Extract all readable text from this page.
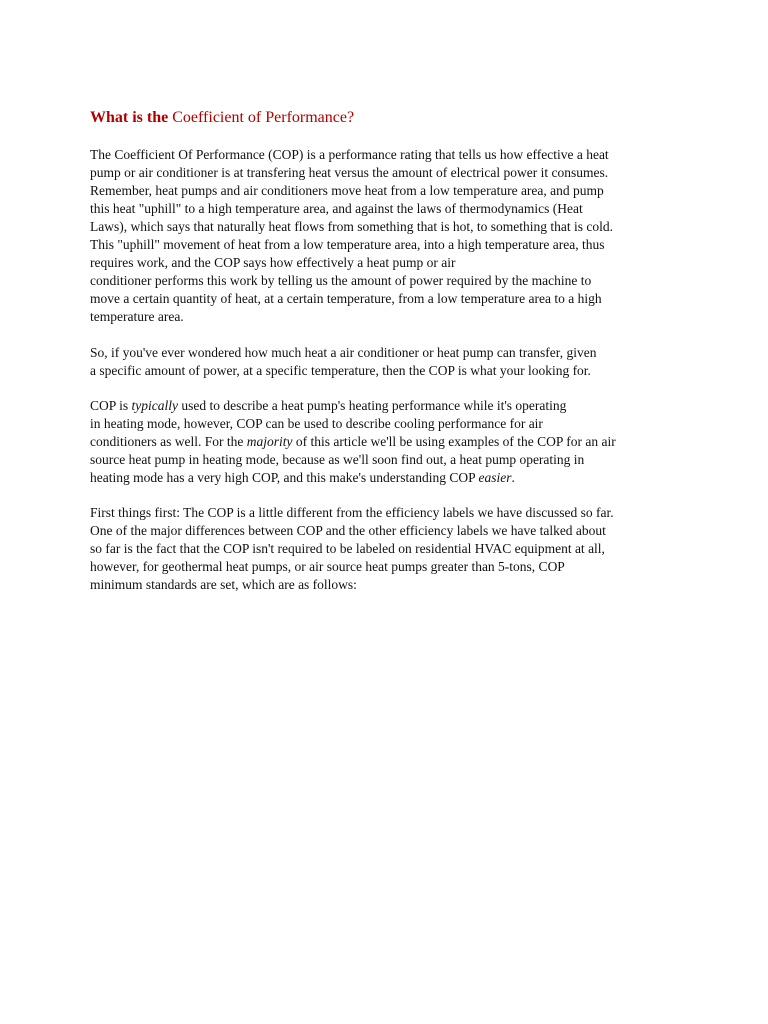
What is the Coefficient of Performance?

The Coefficient Of Performance (COP) is a performance rating that tells us how effective a heat
pump or air conditioner is at transfering heat versus the amount of electrical power it consumes.
Remember, heat pumps and air conditioners move heat from a low temperature area, and pump
this heat "uphill" to a high temperature area, and against the laws of thermodynamics (Heat
Laws), which says that naturally heat flows from something that is hot, to something that is cold.
This "uphill" movement of heat from a low temperature area, into a high temperature area, thus
requires work, and the COP says how effectively a heat pump or air
conditioner performs this work by telling us the amount of power required by the machine to
move a certain quantity of heat, at a certain temperature, from a low temperature area to a high
temperature area.

So, if you've ever wondered how much heat a air conditioner or heat pump can transfer, given
a specific amount of power, at a specific temperature, then the COP is what your looking for.

COP is typically used to describe a heat pump's heating performance while it's operating
in heating mode, however, COP can be used to describe cooling performance for air
conditioners as well. For the majority of this article we'll be using examples of the COP for an air
source heat pump in heating mode, because as we'll soon find out, a heat pump operating in
heating mode has a very high COP, and this make's understanding COP easier.

First things first: The COP is a little different from the efficiency labels we have discussed so far.
One of the major differences between COP and the other efficiency labels we have talked about
so far is the fact that the COP isn't required to be labeled on residential HVAC equipment at all,
however, for geothermal heat pumps, or air source heat pumps greater than 5-tons, COP
minimum standards are set, which are as follows:
